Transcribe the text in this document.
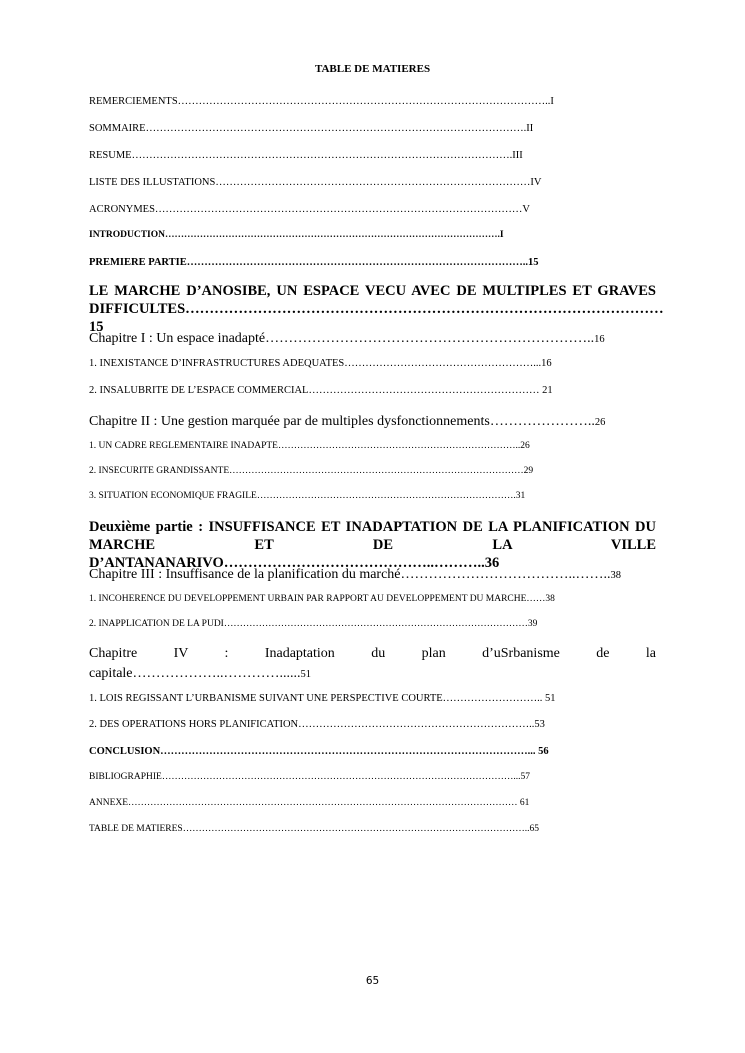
TABLE DE MATIERES
REMERCIEMENTS……………………………………………………………………………………………..I
SOMMAIRE……………………………………………………………………………………………….II
RESUME……………………………………………………………………………………………….III
LISTE DES ILLUSTATIONS………………………………………………………………………………IV
ACRONYMES……………………………………………………………………………………………V
INTRODUCTION…………………………………………………………………………………………….I
PREMIERE PARTIE……………………………………………………………………………………..15
LE MARCHE D’ANOSIBE, UN ESPACE VECU AVEC DE MULTIPLES ET GRAVES
DIFFICULTES………………………………………………………………………………………15
Chapitre I : Un espace inadapté……………………………………………………………..16
1. INEXISTANCE D’INFRASTRUCTURES ADEQUATES………………………………………………...16
2. INSALUBRITE DE L’ESPACE COMMERCIAL………………………………………………………… 21
Chapitre II : Une gestion marquée par de multiples dysfonctionnements…………………..26
1. UN CADRE REGLEMENTAIRE INADAPTE…………………………………………………………………..26
2. INSECURITE GRANDISSANTE…………………………………………………………………………………29
3. SITUATION ECONOMIQUE FRAGILE……………………………………………………………………….31
Deuxième partie : INSUFFISANCE ET INADAPTATION DE LA PLANIFICATION DU
MARCHE ET DE LA VILLE D’ANTANANARIVO……………………………………..………..36
Chapitre III : Insuffisance de la planification du marché………………………………..……..38
1. INCOHERENCE DU DEVELOPPEMENT URBAIN PAR RAPPORT AU DEVELOPPEMENT DU MARCHE……38
2. INAPPLICATION DE LA PUDI……………………………………………………………………………………39
Chapitre IV : Inadaptation du plan d’uSrbanisme de la
capitale………………..…………......51
1. LOIS REGISSANT L’URBANISME SUIVANT UNE PERSPECTIVE COURTE……………………….. 51
2. DES OPERATIONS HORS PLANIFICATION…………………………………………………………..53
CONCLUSION……………………………………………………………………………………………... 56
BIBLIOGRAPHIE…………………………………………………………………………………………………...57
ANNEXE…………………………………………………………………………………………………………… 61
TABLE DE MATIERES………………………………………………………………………………………………..65
65
